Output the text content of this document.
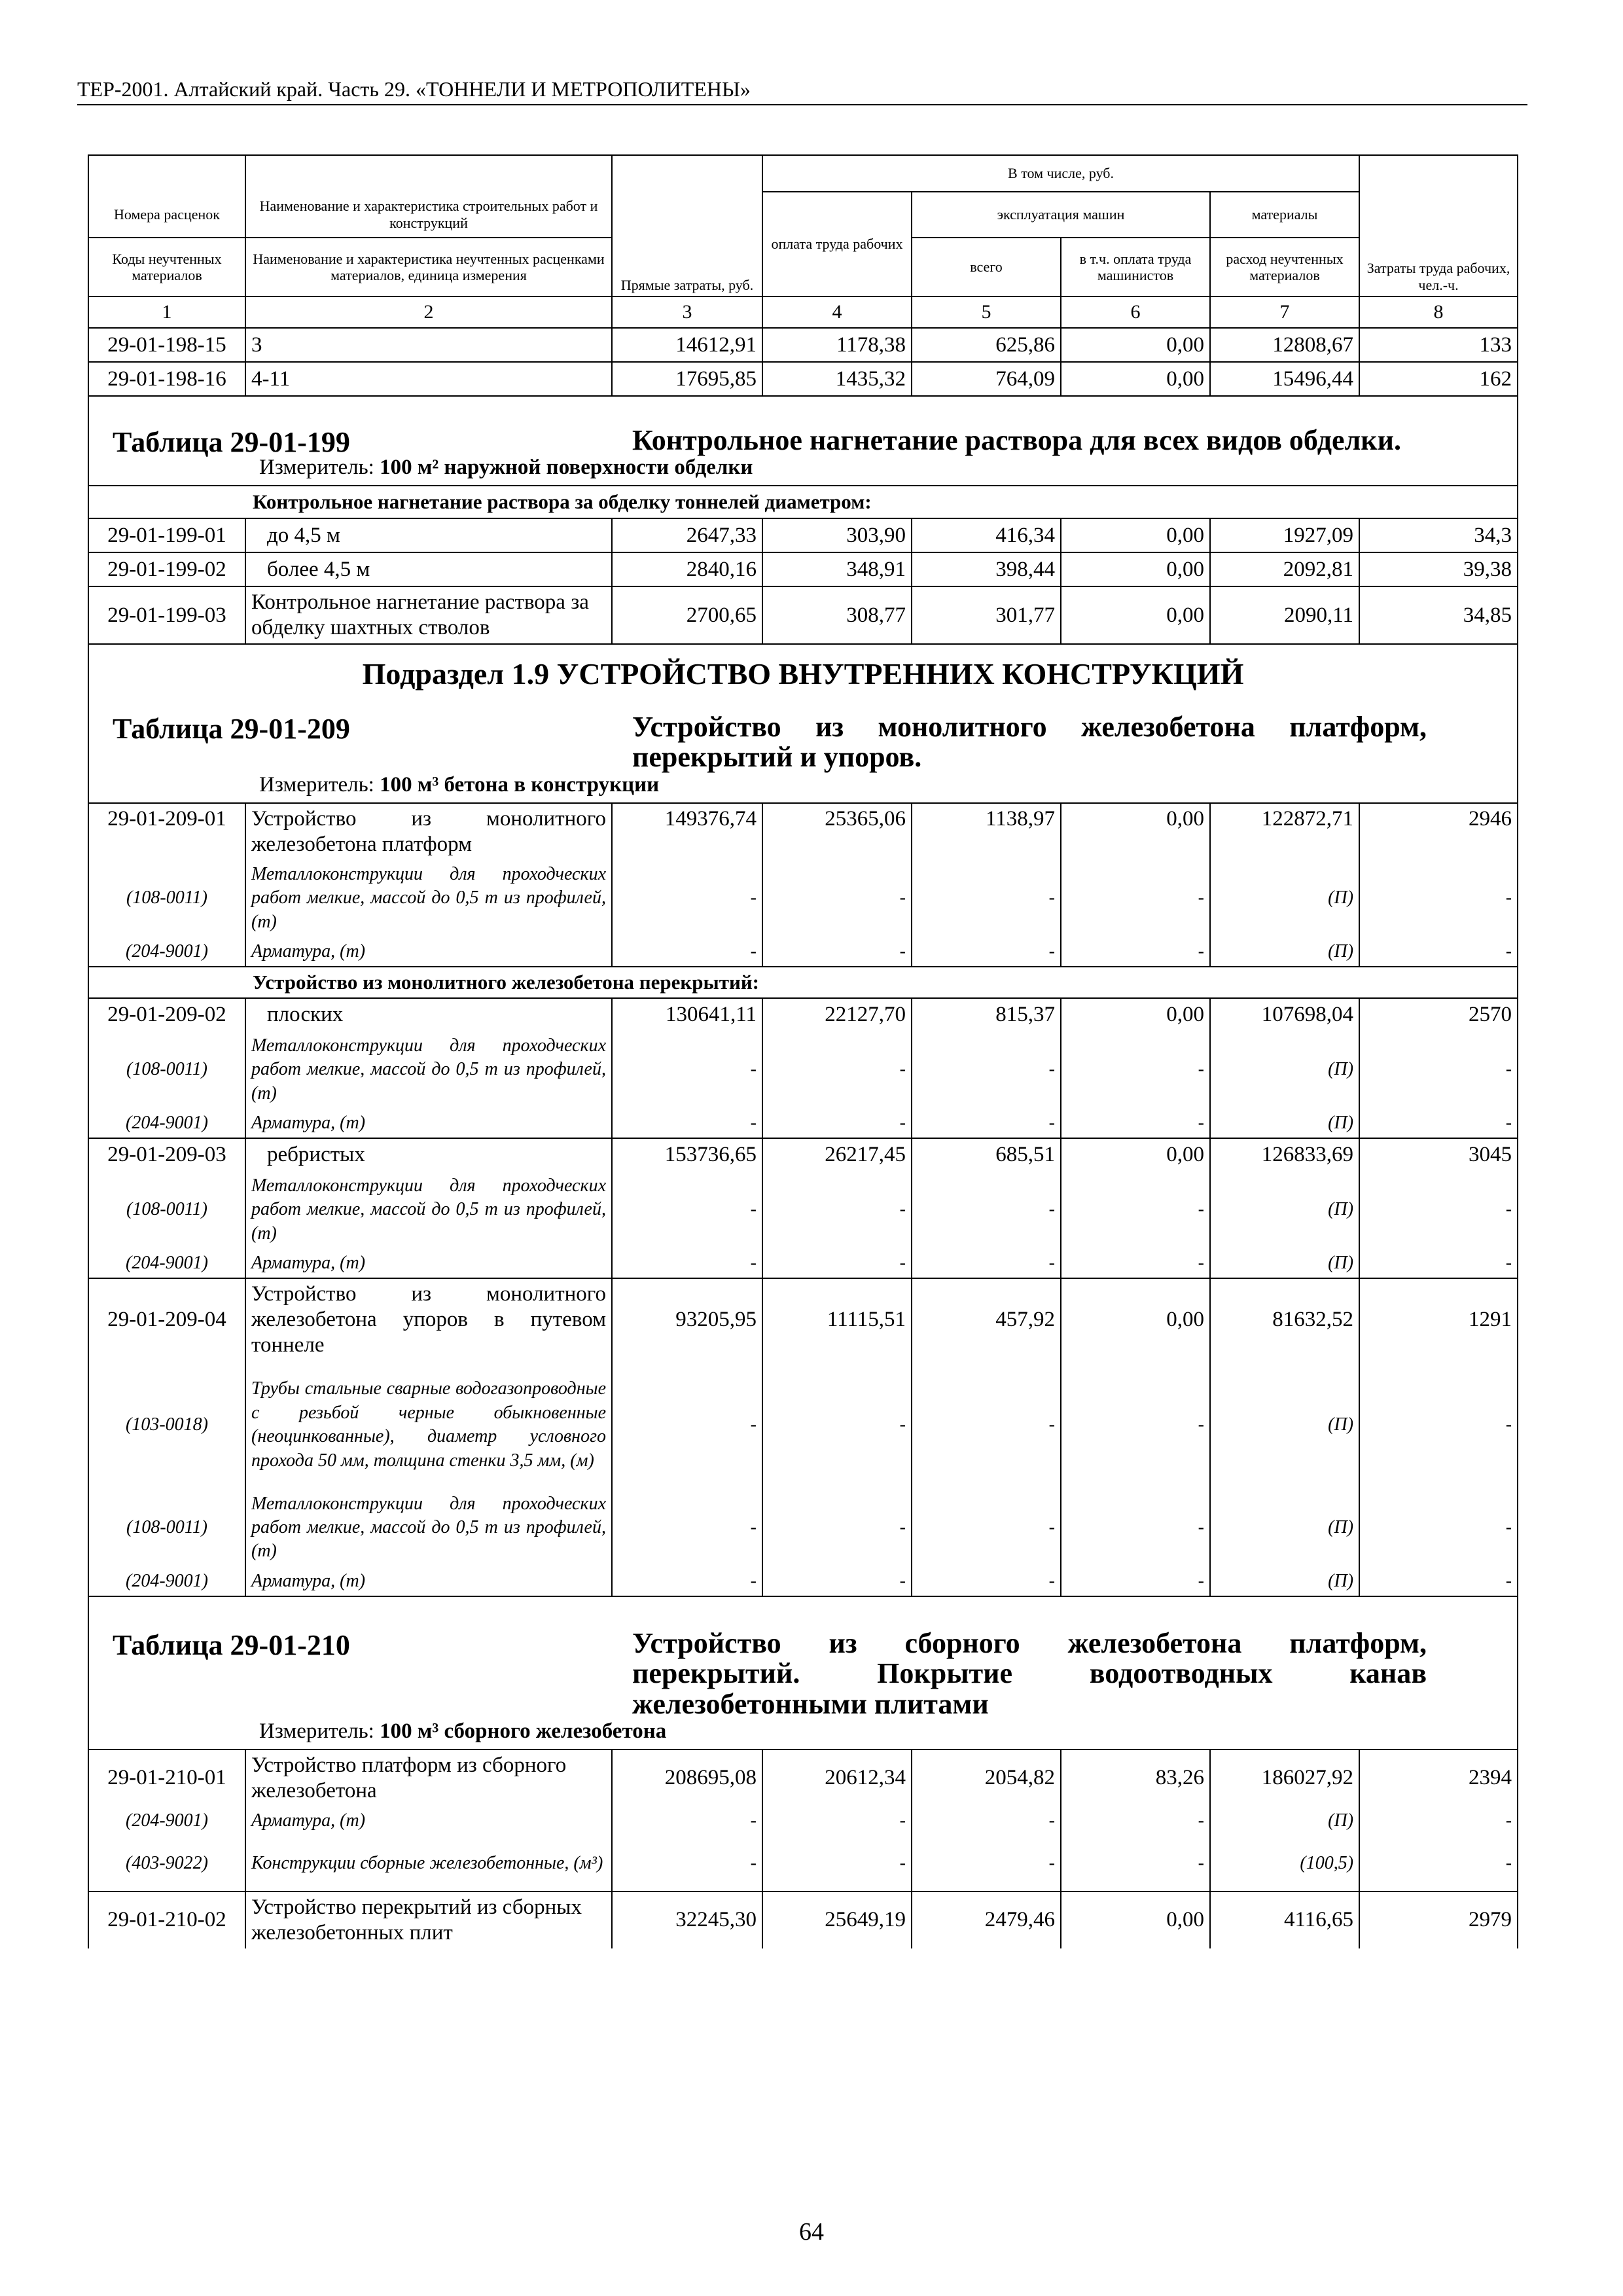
ТЕР-2001. Алтайский край. Часть 29. «ТОННЕЛИ И МЕТРОПОЛИТЕНЫ»
		Прямые затраты, руб.	В том числе, руб.				Затраты труда рабочих, чел.-ч.
Номера расценок	Наименование и характеристика строительных работ и конструкций		оплата труда рабочих	эксплуатация машин		материалы	
Коды неучтенных материалов	Наименование и характеристика неучтенных расценками материалов, единица измерения			всего	в т.ч. оплата труда машинистов	расход неучтенных материалов	
1	2	3	4	5	6	7	8
29-01-198-15	3	14612,91	1178,38	625,86	0,00	12808,67	133
29-01-198-16	4-11	17695,85	1435,32	764,09	0,00	15496,44	162

Таблица 29-01-199 Контрольное нагнетание раствора для всех видов обделки.
Измеритель: 100 м² наружной поверхности обделки							

Контрольное нагнетание раствора за обделку тоннелей диаметром:							
29-01-199-01	до 4,5 м	2647,33	303,90	416,34	0,00	1927,09	34,3
29-01-199-02	более 4,5 м	2840,16	348,91	398,44	0,00	2092,81	39,38
29-01-199-03	Контрольное нагнетание раствора за обделку шахтных стволов	2700,65	308,77	301,77	0,00	2090,11	34,85

Подраздел 1.9 УСТРОЙСТВО ВНУТРЕННИХ КОНСТРУКЦИЙ
Таблица 29-01-209 Устройство из монолитного железобетона платформ, перекрытий и упоров.
Измеритель: 100 м³ бетона в конструкции							

29-01-209-01	Устройство из монолитного железобетона платформ	149376,74	25365,06	1138,97	0,00	122872,71	2946
(108-0011)	Металлоконструкции для проходческих работ мелкие, массой до 0,5 т из профилей, (т)	-	-	-	-	(П)	-
(204-9001)	Арматура, (т)	-	-	-	-	(П)	-
Устройство из монолитного железобетона перекрытий:							
29-01-209-02	плоских	130641,11	22127,70	815,37	0,00	107698,04	2570
(108-0011)	Металлоконструкции для проходческих работ мелкие, массой до 0,5 т из профилей, (т)	-	-	-	-	(П)	-
(204-9001)	Арматура, (т)	-	-	-	-	(П)	-
29-01-209-03	ребристых	153736,65	26217,45	685,51	0,00	126833,69	3045
(108-0011)	Металлоконструкции для проходческих работ мелкие, массой до 0,5 т из профилей, (т)	-	-	-	-	(П)	-
(204-9001)	Арматура, (т)	-	-	-	-	(П)	-
29-01-209-04	Устройство из монолитного железобетона упоров в путевом тоннеле	93205,95	11115,51	457,92	0,00	81632,52	1291
(103-0018)	Трубы стальные сварные водогазопроводные с резьбой черные обыкновенные (неоцинкованные), диаметр условного прохода 50 мм, толщина стенки 3,5 мм, (м)	-	-	-	-	(П)	-
(108-0011)	Металлоконструкции для проходческих работ мелкие, массой до 0,5 т из профилей, (т)	-	-	-	-	(П)	-
(204-9001)	Арматура, (т)	-	-	-	-	(П)	-

Таблица 29-01-210 Устройство из сборного железобетона платформ, перекрытий. Покрытие водоотводных канав железобетонными плитами
Измеритель: 100 м³ сборного железобетона							

29-01-210-01	Устройство платформ из сборного железобетона	208695,08	20612,34	2054,82	83,26	186027,92	2394
(204-9001)	Арматура, (т)	-	-	-	-	(П)	-
(403-9022)	Конструкции сборные железобетонные, (м³)	-	-	-	-	(100,5)	-
29-01-210-02	Устройство перекрытий из сборных железобетонных плит	32245,30	25649,19	2479,46	0,00	4116,65	2979
64
